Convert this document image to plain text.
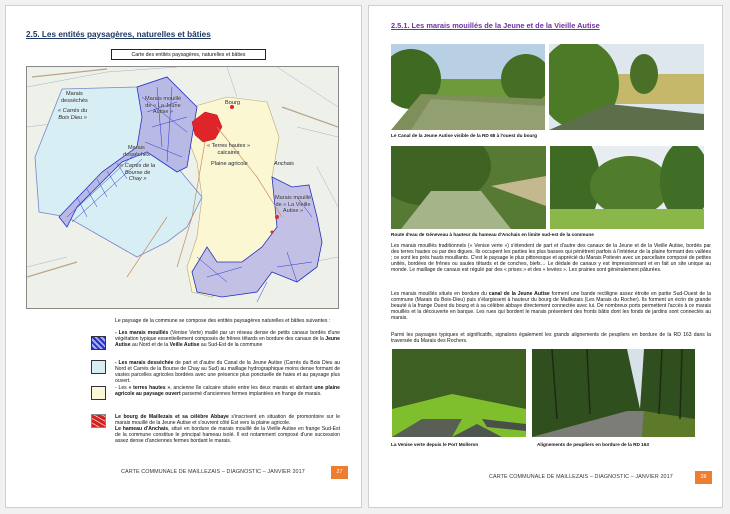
2.5. Les entités paysagères, naturelles et bâties
Carte des entités paysagères, naturelles et bâties
Marais
desséchés
« Carrés du
Bois Dieu »
Marais mouillé
de « La Jeune
Autise »
Bourg
Marais
desséchés
« Carrés de la
Bourse de
Chay »
« Terres hautes »
calcaires
Plaine agricole	Anchais
Marais mouillé
de « La Vieille
Autise »
Le paysage de la commune se compose des entités paysagères naturelles et bâties suivantes :
- Les marais mouillés (Venise Verte) maillé par un réseau dense de petits canaux bordés d'une végétation typique essentiellement composés de frênes têtards en bordure des canaux de la Jeune Autise au Nord et de la Veille Autise au Sud-Est de la commune
- Les marais desséchée de part et d'autre du Canal de la Jeune Autise (Carrés du Bois Dieu au Nord et Carrés de la Bourse de Chay au Sud) au maillage hydrographique moins dense formant de vastes parcelles agricoles bordées avec une présence plus ponctuelle de haies et au paysage plus ouvert.
- Les « terres hautes », ancienne île calcaire située entre les deux marais et abritant une plaine agricole au paysage ouvert parsemé d'anciennes fermes implantées en frange de marais.
Le bourg de Maillezais et sa célèbre Abbaye s'inscrivent en situation de promontoire sur le marais mouillé de la Jeune Autise et s'ouvrent côté Est vers la plaine agricole.
Le hameau d'Anchais, situé en bordure de marais mouillé de la Vieille Autise en frange Sud-Est de la commune constitue le principal hameau isolé. Il est notamment composé d'une succession assez dense d'anciennes fermes bordant le marais.
CARTE COMMUNALE DE MAILLEZAIS – DIAGNOSTIC – JANVIER 2017	27
2.5.1. Les marais mouillés de la Jeune et de la Vieille Autise
Le Canal de la Jeune Autise visible de la RD 68 à l'ouest du bourg
Route d'eau de Géneveau à hauteur du hameau d'Anchais en limite sud-est de la commune
Les marais mouillés traditionnels (« Venise verte ») s'étendent de part et d'autre des canaux de la Jeune et de la Vieille Autise, bordés par des terres hautes ou par des digues. Ils occupent les parties les plus basses qui pénètrent parfois à l'intérieur de la plaine formant des vallées ; ce sont les prés hauts mouillants. C'est le paysage le plus pittoresque et apprécié du Marais Poitevin avec un parcellaire composé de petites unités, bordées de frênes ou saules têtards et de conches, biefs… Le dédale de canaux y est impressionnant et en fait un site unique au monde. Le maillage de canaux est régulé par des « prises » et des « levées ». Les prairies sont généralement pâturées.
Les marais mouillés situés en bordure du canal de la Jeune Autise forment une bande rectiligne assez étroite en partie Sud-Ouest de la commune (Marais du Bois-Dieu) puis s'élargissent à hauteur du bourg de Maillezais (Les Marais du Rocher). Ils forment un écrin de grande beauté à la frange Ouest du bourg et à sa célèbre abbaye directement connectée avec lui. De nombreux ports permettent l'accès à ce marais mouillés et la découverte en barque. Les rues qui bordent le marais présentent des fronts bâtis dont les fonds de jardins sont connectés au marais.
Parmi les paysages typiques et significatifs, signalons également les grands alignements de peupliers en bordure de la RD 163 dans la traversée du Marais des Rochers.
La Venise verte depuis le Port Molleron	Alignements de peupliers en bordure de la RD 163
CARTE COMMUNALE DE MAILLEZAIS – DIAGNOSTIC – JANVIER 2017	28
